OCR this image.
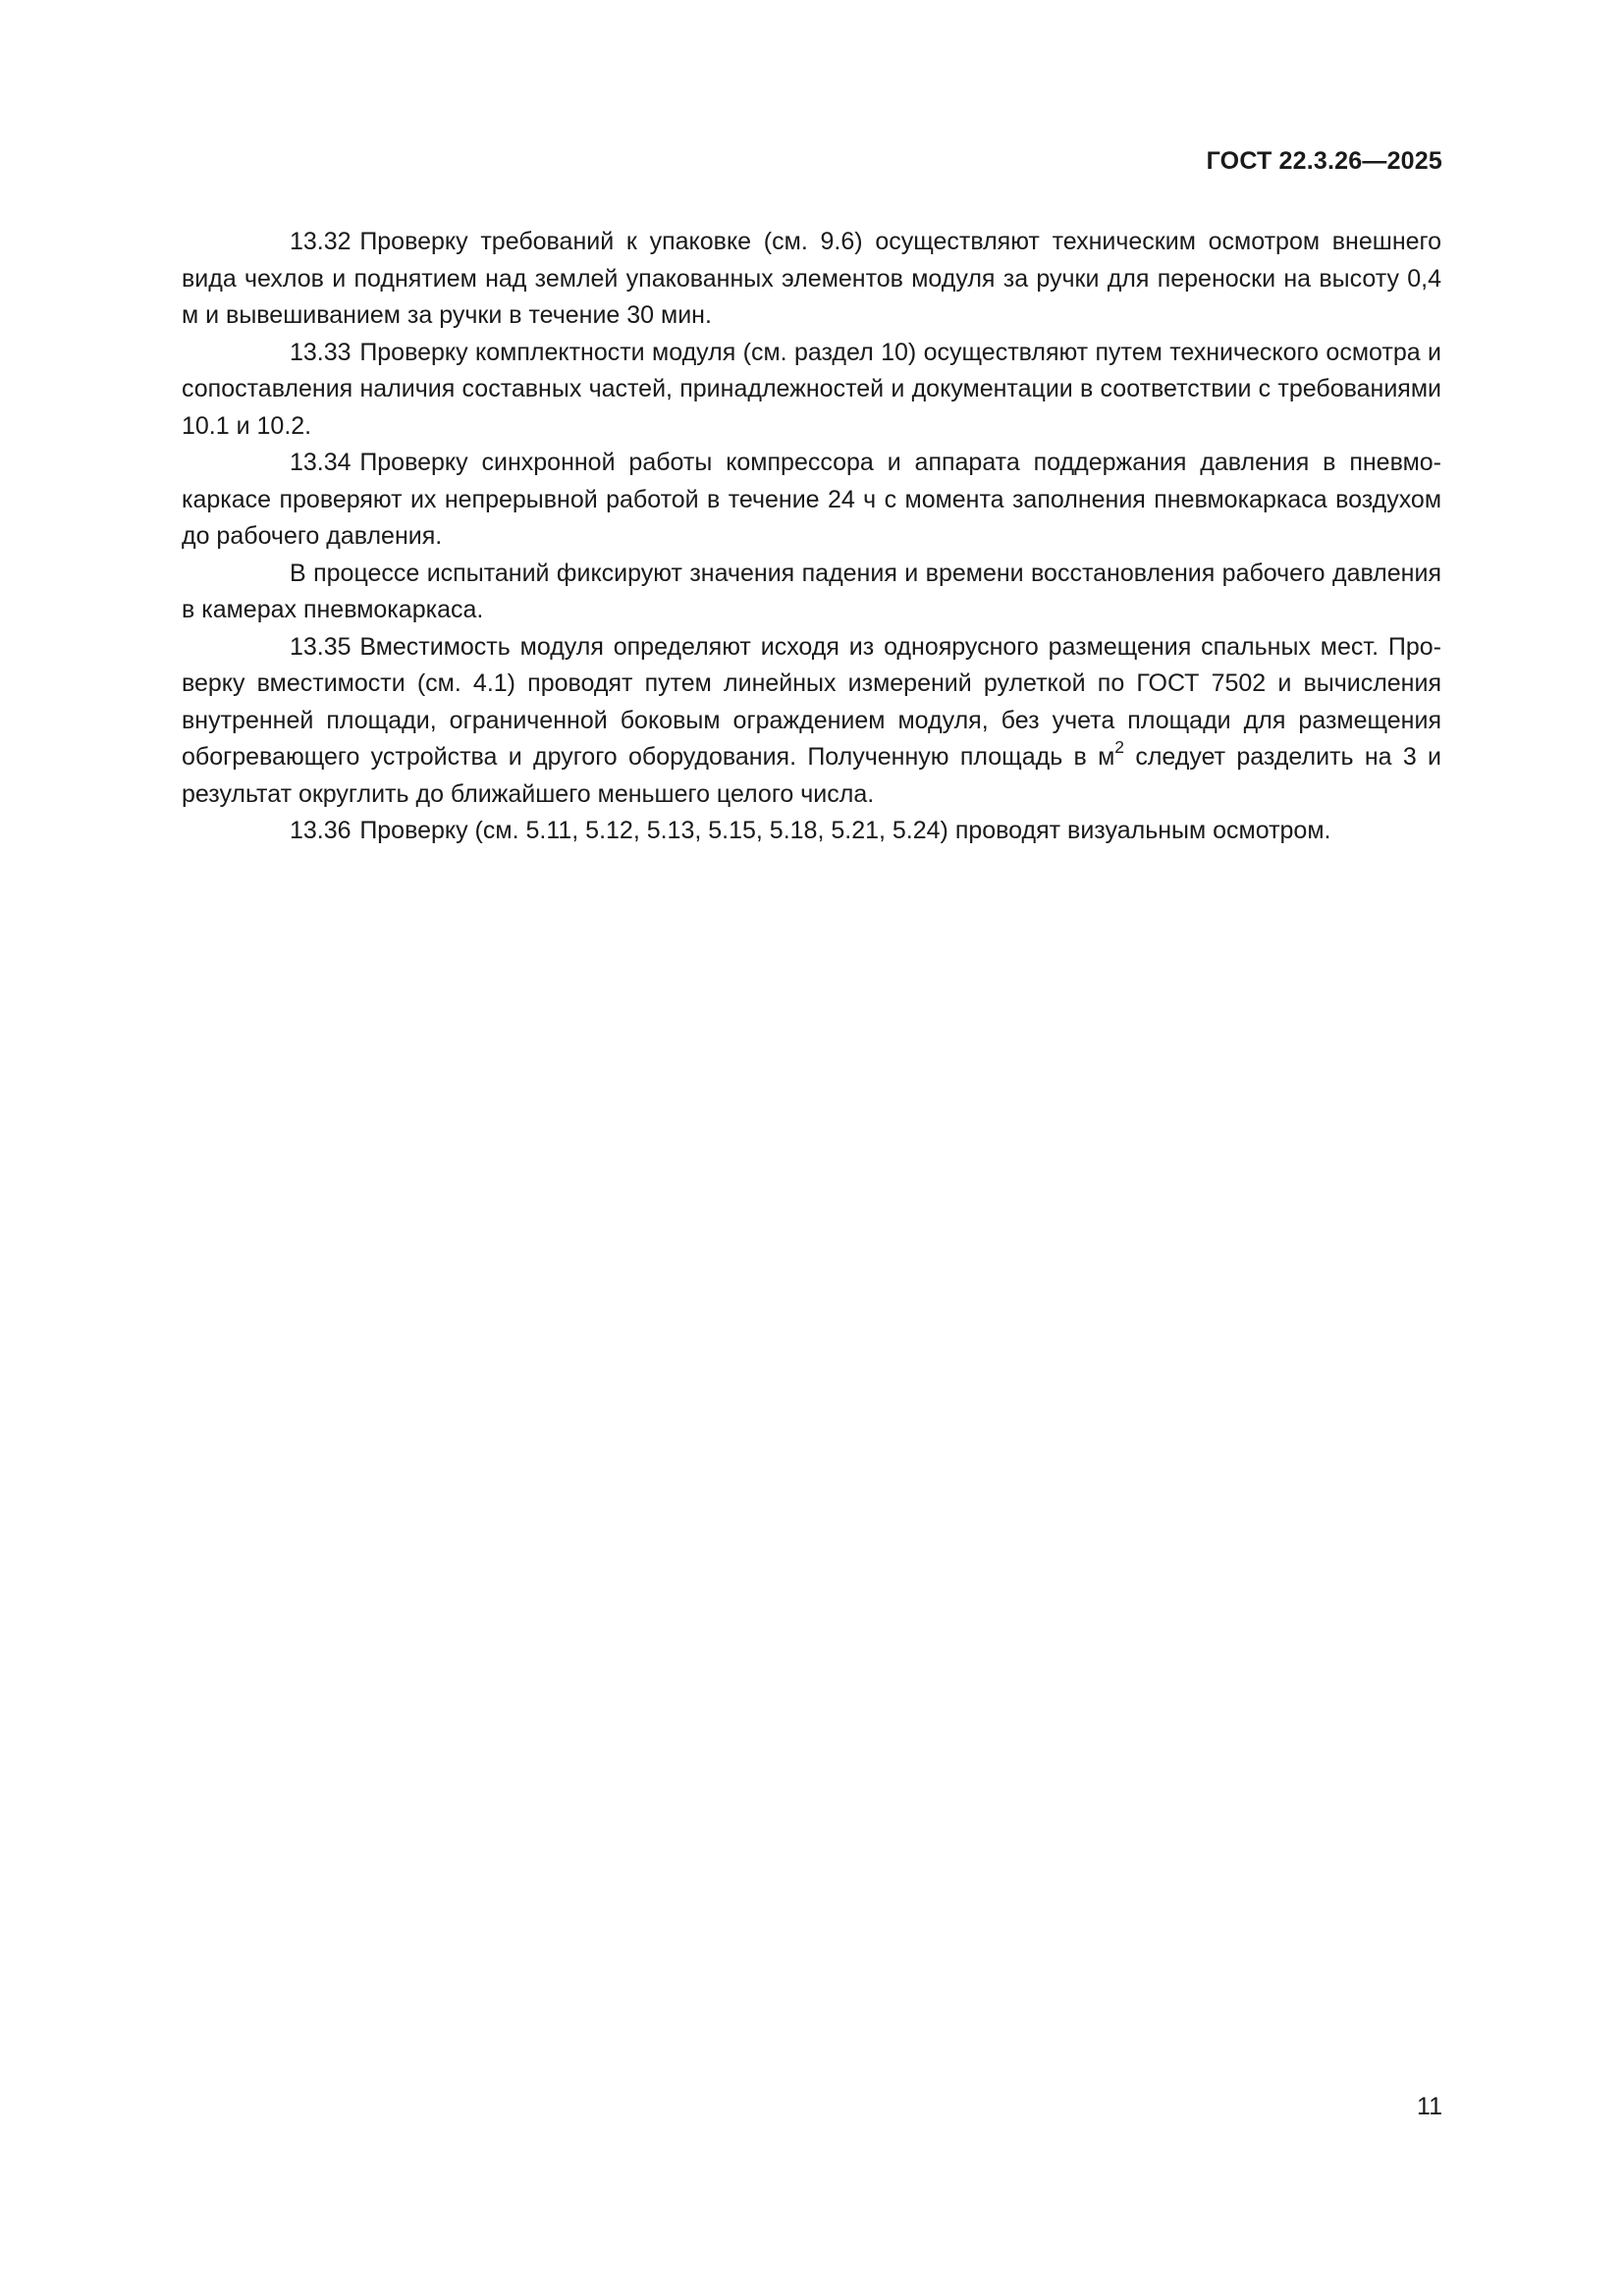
ГОСТ 22.3.26—2025

13.32 Проверку требований к упаковке (см. 9.6) осуществляют техническим осмотром внешнего вида чехлов и поднятием над землей упакованных элементов модуля за ручки для переноски на высоту 0,4 м и вывешиванием за ручки в течение 30 мин.

13.33 Проверку комплектности модуля (см. раздел 10) осуществляют путем технического осмотра и сопоставления наличия составных частей, принадлежностей и документации в соответствии с требованиями 10.1 и 10.2.

13.34 Проверку синхронной работы компрессора и аппарата поддержания давления в пневмокаркасе проверяют их непрерывной работой в течение 24 ч с момента заполнения пневмокаркаса воздухом до рабочего давления.

В процессе испытаний фиксируют значения падения и времени восстановления рабочего давления в камерах пневмокаркаса.

13.35 Вместимость модуля определяют исходя из одноярусного размещения спальных мест. Проверку вместимости (см. 4.1) проводят путем линейных измерений рулеткой по ГОСТ 7502 и вычисления внутренней площади, ограниченной боковым ограждением модуля, без учета площади для размещения обогревающего устройства и другого оборудования. Полученную площадь в $м^2$ следует разделить на 3 и результат округлить до ближайшего меньшего целого числа.

13.36 Проверку (см. 5.11, 5.12, 5.13, 5.15, 5.18, 5.21, 5.24) проводят визуальным осмотром.

11
